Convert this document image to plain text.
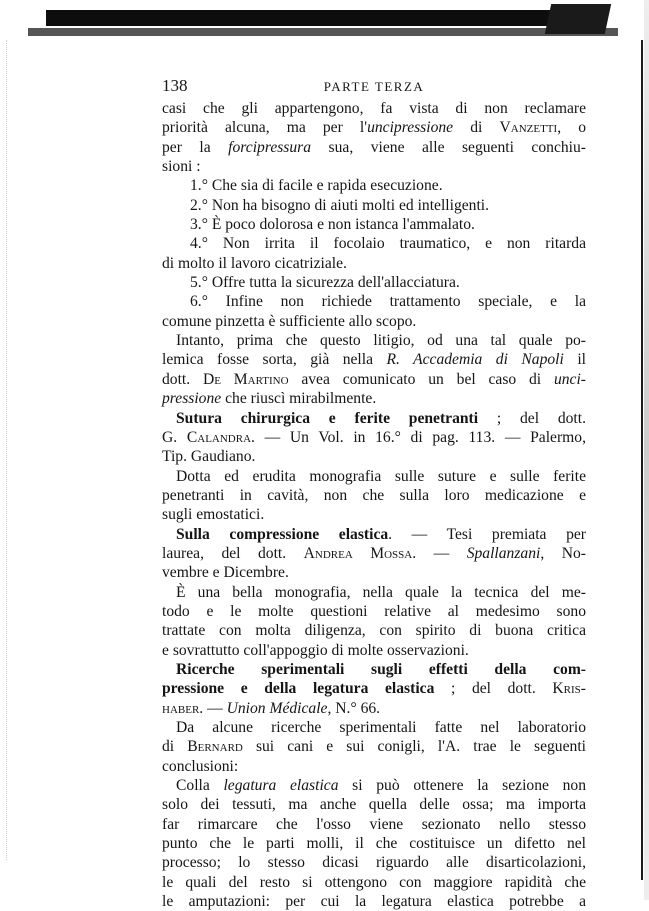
138	PARTE TERZA
casi che gli appartengono, fa vista di non reclamare
priorità alcuna, ma per l'uncipressione di Vanzetti, o
per la forcipressura sua, viene alle seguenti conchiu-
sioni :
1.° Che sia di facile e rapida esecuzione.
2.° Non ha bisogno di aiuti molti ed intelligenti.
3.° È poco dolorosa e non istanca l'ammalato.
4.° Non irrita il focolaio traumatico, e non ritarda
di molto il lavoro cicatriziale.
5.° Offre tutta la sicurezza dell'allacciatura.
6.° Infine non richiede trattamento speciale, e la
comune pinzetta è sufficiente allo scopo.
Intanto, prima che questo litigio, od una tal quale po-
lemica fosse sorta, già nella R. Accademia di Napoli il
dott. De Martino avea comunicato un bel caso di unci-
pressione che riuscì mirabilmente.
Sutura chirurgica e ferite penetranti ; del dott.
G. Calandra. — Un Vol. in 16.° di pag. 113. — Palermo,
Tip. Gaudiano.
Dotta ed erudita monografia sulle suture e sulle ferite
penetranti in cavità, non che sulla loro medicazione e
sugli emostatici.
Sulla compressione elastica. — Tesi premiata per
laurea, del dott. Andrea Mossa. — Spallanzani, No-
vembre e Dicembre.
È una bella monografia, nella quale la tecnica del me-
todo e le molte questioni relative al medesimo sono
trattate con molta diligenza, con spirito di buona critica
e sovrattutto coll'appoggio di molte osservazioni.
Ricerche sperimentali sugli effetti della com-
pressione e della legatura elastica ; del dott. Kris-
haber. — Union Médicale, N.° 66.
Da alcune ricerche sperimentali fatte nel laboratorio
di Bernard sui cani e sui conigli, l'A. trae le seguenti
conclusioni:
Colla legatura elastica si può ottenere la sezione non
solo dei tessuti, ma anche quella delle ossa; ma importa
far rimarcare che l'osso viene sezionato nello stesso
punto che le parti molli, il che costituisce un difetto nel
processo; lo stesso dicasi riguardo alle disarticolazioni,
le quali del resto si ottengono con maggiore rapidità che
le amputazioni: per cui la legatura elastica potrebbe a
